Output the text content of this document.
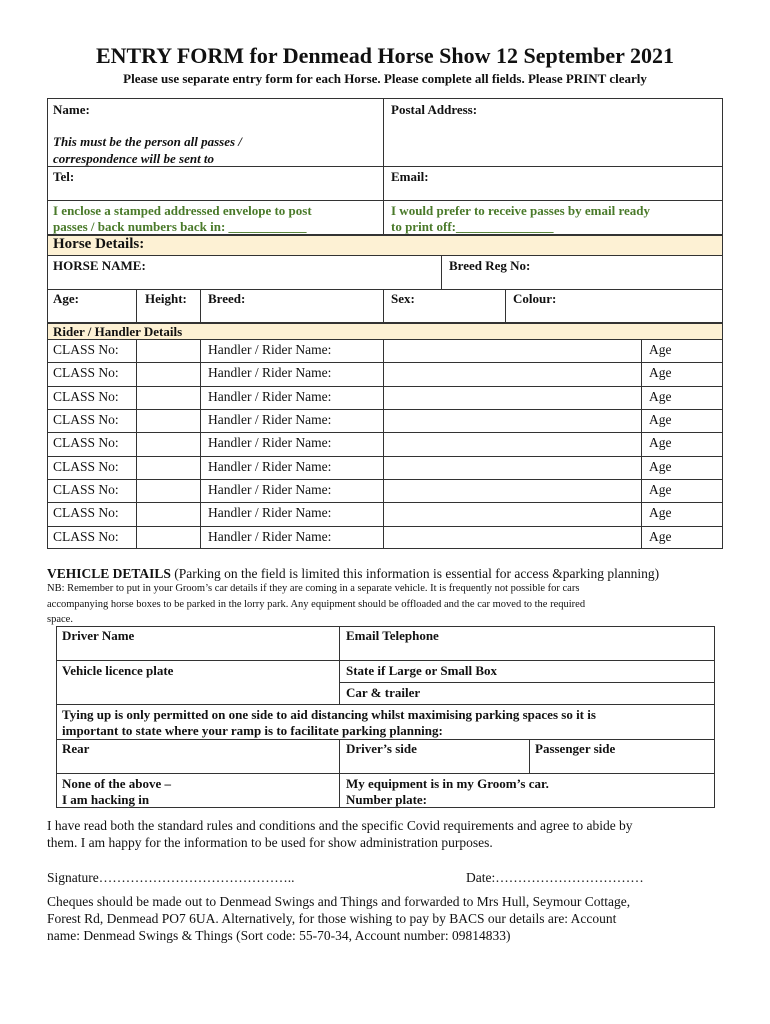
ENTRY FORM for Denmead Horse Show 12 September 2021
Please use separate entry form for each Horse. Please complete all fields. Please PRINT clearly
Name:
This must be the person all passes /
correspondence will be sent to
Postal Address:
Tel:	Email:
I enclose a stamped addressed envelope to post
passes / back numbers back in: ____________
I would prefer to receive passes by email ready
to print off:_______________
Horse Details:
HORSE NAME:	Breed Reg No:
Age:	Height: Breed:	Sex:	Colour:
Rider / Handler Details
CLASS No:	Handler / Rider Name:	Age
CLASS No:	Handler / Rider Name:	Age
CLASS No:	Handler / Rider Name:	Age
CLASS No:	Handler / Rider Name:	Age
CLASS No:	Handler / Rider Name:	Age
CLASS No:	Handler / Rider Name:	Age
CLASS No:	Handler / Rider Name:	Age
CLASS No:	Handler / Rider Name:	Age
CLASS No:	Handler / Rider Name:	Age
VEHICLE DETAILS (Parking on the field is limited this information is essential for access &parking planning)
NB: Remember to put in your Groom’s car details if they are coming in a separate vehicle. It is frequently not possible for cars
accompanying horse boxes to be parked in the lorry park. Any equipment should be offloaded and the car moved to the required
space.
Driver Name	Email Telephone
Vehicle licence plate	State if Large or Small Box
Car & trailer
Tying up is only permitted on one side to aid distancing whilst maximising parking spaces so it is
important to state where your ramp is to facilitate parking planning:
Rear	Driver’s side	Passenger side
None of the above –
I am hacking in
My equipment is in my Groom’s car.
Number plate:
I have read both the standard rules and conditions and the specific Covid requirements and agree to abide by
them. I am happy for the information to be used for show administration purposes.
Signature……………………………………..	Date:……………………………
Cheques should be made out to Denmead Swings and Things and forwarded to Mrs Hull, Seymour Cottage,
Forest Rd, Denmead PO7 6UA. Alternatively, for those wishing to pay by BACS our details are: Account
name: Denmead Swings & Things (Sort code: 55-70-34, Account number: 09814833)
